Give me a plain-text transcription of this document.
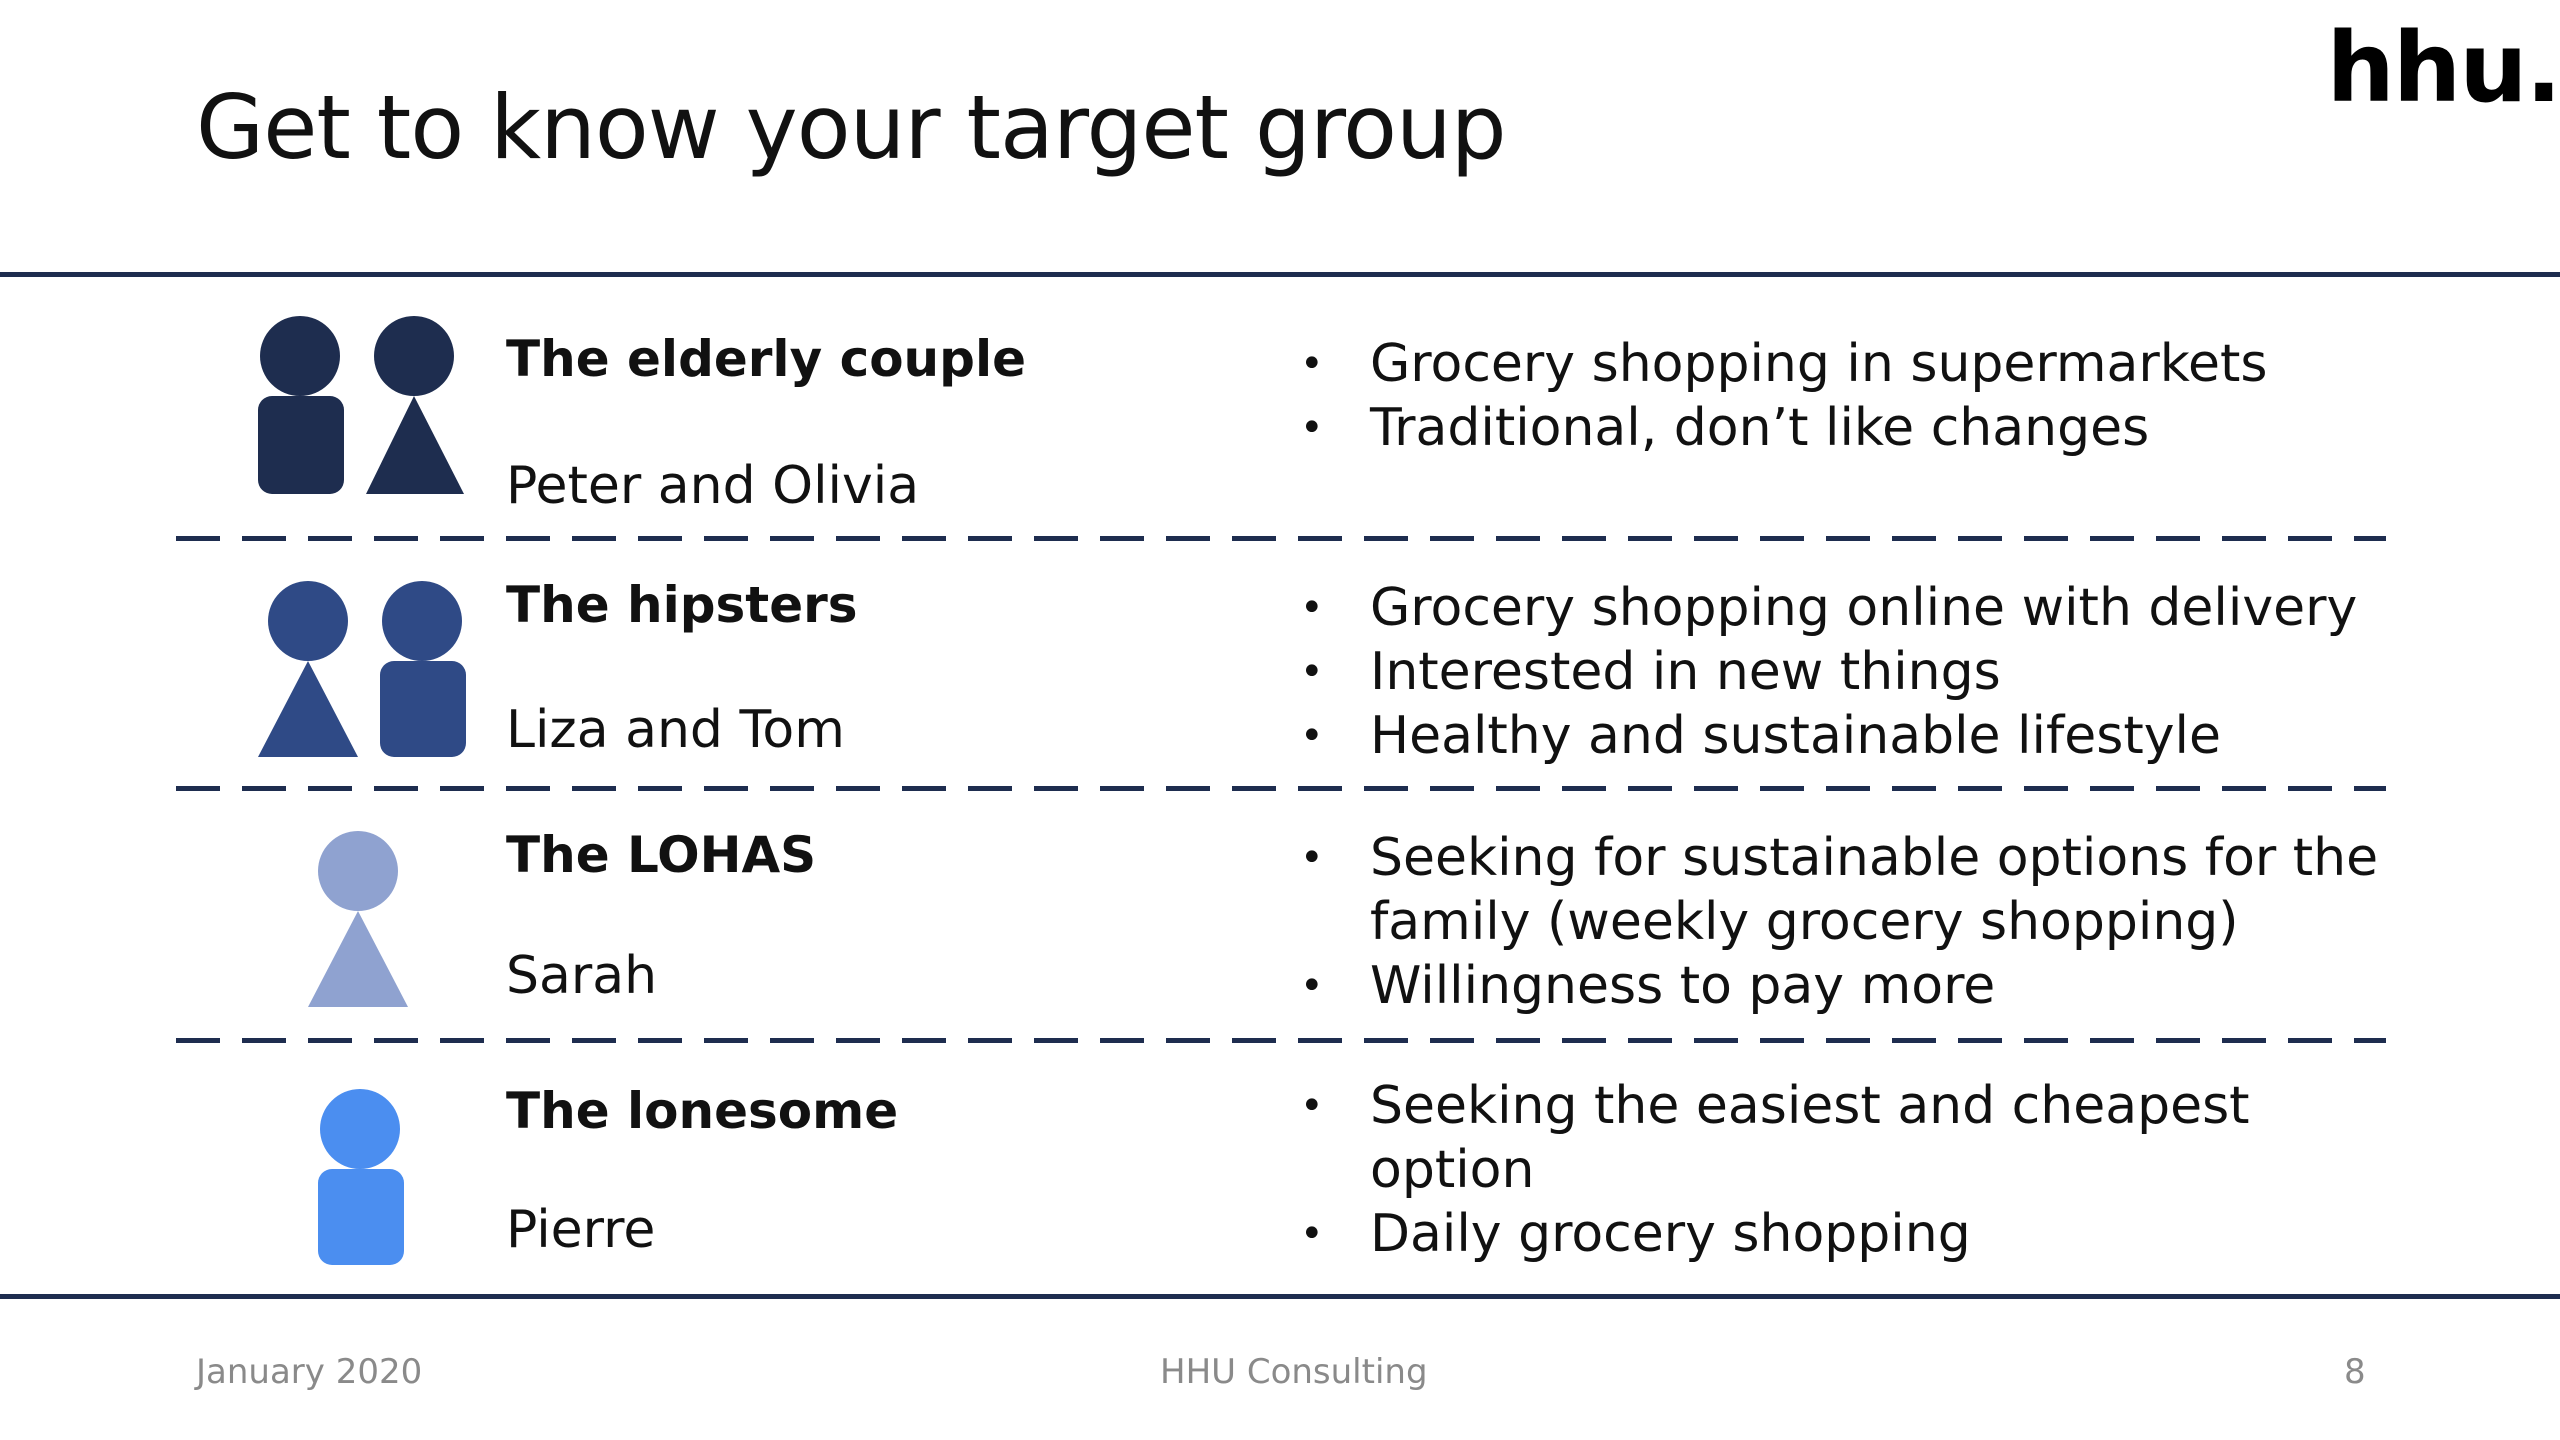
Get to know your target group
hhu.
The elderly couple
Peter and Olivia
• Grocery shopping in supermarkets
• Traditional, don’t like changes
The hipsters
Liza and Tom
• Grocery shopping online with delivery
• Interested in new things
• Healthy and sustainable lifestyle
The LOHAS
Sarah
• Seeking for sustainable options for the family (weekly grocery shopping)
• Willingness to pay more
The lonesome
Pierre
• Seeking the easiest and cheapest option
• Daily grocery shopping
January 2020	HHU Consulting	8
